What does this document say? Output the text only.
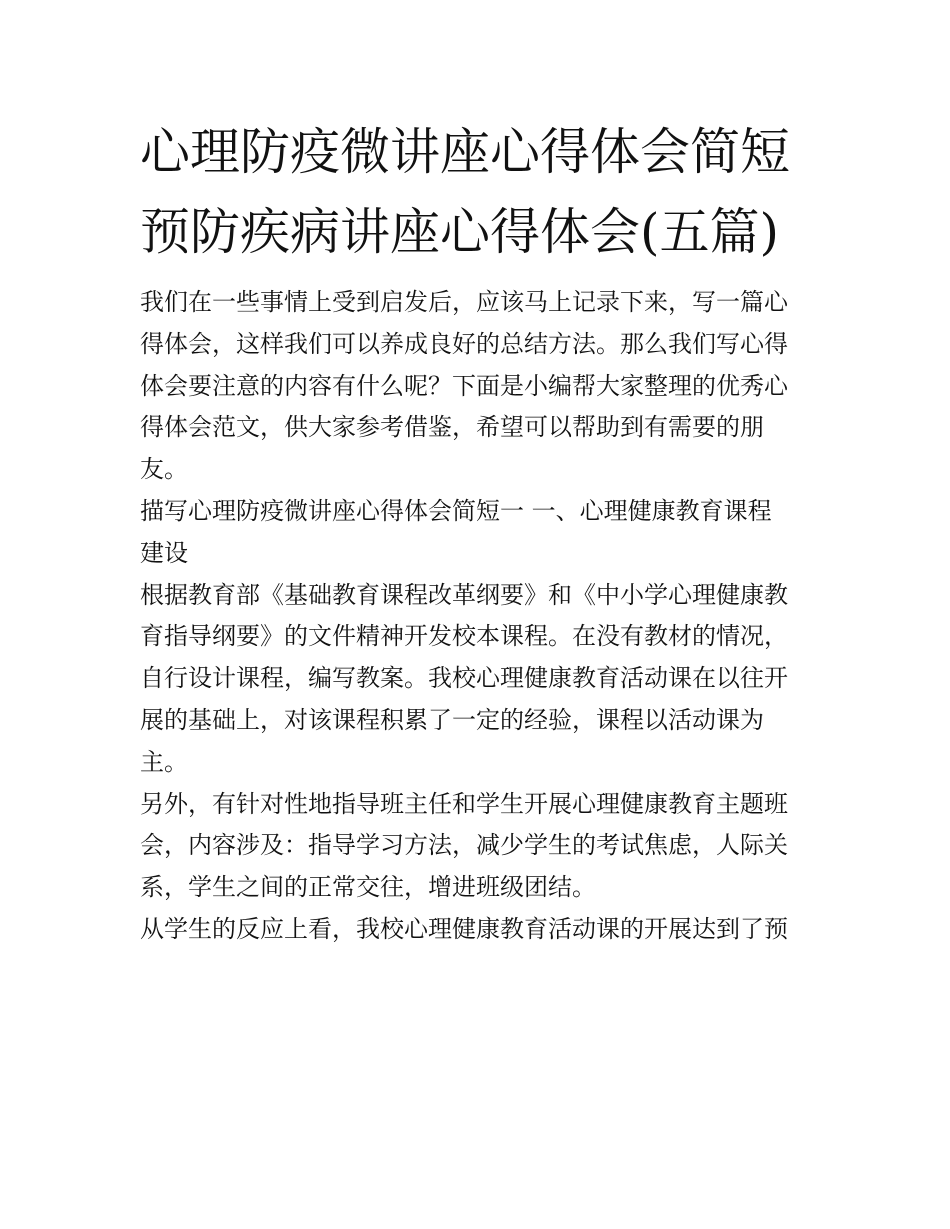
心理防疫微讲座心得体会简短
预防疾病讲座心得体会(五篇)

我们在一些事情上受到启发后，应该马上记录下来，写一篇心
得体会，这样我们可以养成良好的总结方法。那么我们写心得
体会要注意的内容有什么呢？下面是小编帮大家整理的优秀心
得体会范文，供大家参考借鉴，希望可以帮助到有需要的朋
友。

描写心理防疫微讲座心得体会简短一 一、心理健康教育课程
建设

根据教育部《基础教育课程改革纲要》和《中小学心理健康教
育指导纲要》的文件精神开发校本课程。在没有教材的情况，
自行设计课程，编写教案。我校心理健康教育活动课在以往开
展的基础上，对该课程积累了一定的经验，课程以活动课为
主。

另外，有针对性地指导班主任和学生开展心理健康教育主题班
会，内容涉及：指导学习方法，减少学生的考试焦虑，人际关
系，学生之间的正常交往，增进班级团结。

从学生的反应上看，我校心理健康教育活动课的开展达到了预
